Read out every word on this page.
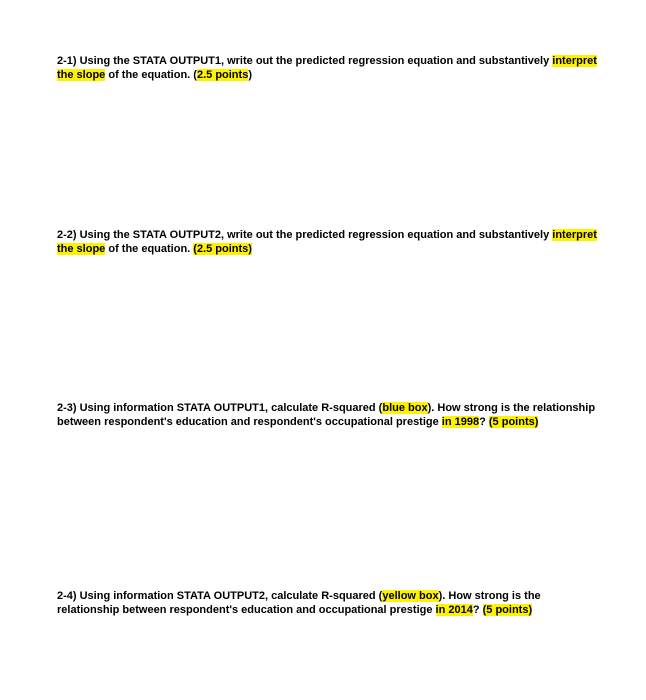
2-1) Using the STATA OUTPUT1, write out the predicted regression equation and substantively interpret the slope of the equation. (2.5 points)

2-2) Using the STATA OUTPUT2, write out the predicted regression equation and substantively interpret the slope of the equation. (2.5 points)

2-3) Using information STATA OUTPUT1, calculate R-squared (blue box). How strong is the relationship between respondent's education and respondent's occupational prestige in 1998? (5 points)

2-4) Using information STATA OUTPUT2, calculate R-squared (yellow box). How strong is the relationship between respondent's education and occupational prestige in 2014? (5 points)
